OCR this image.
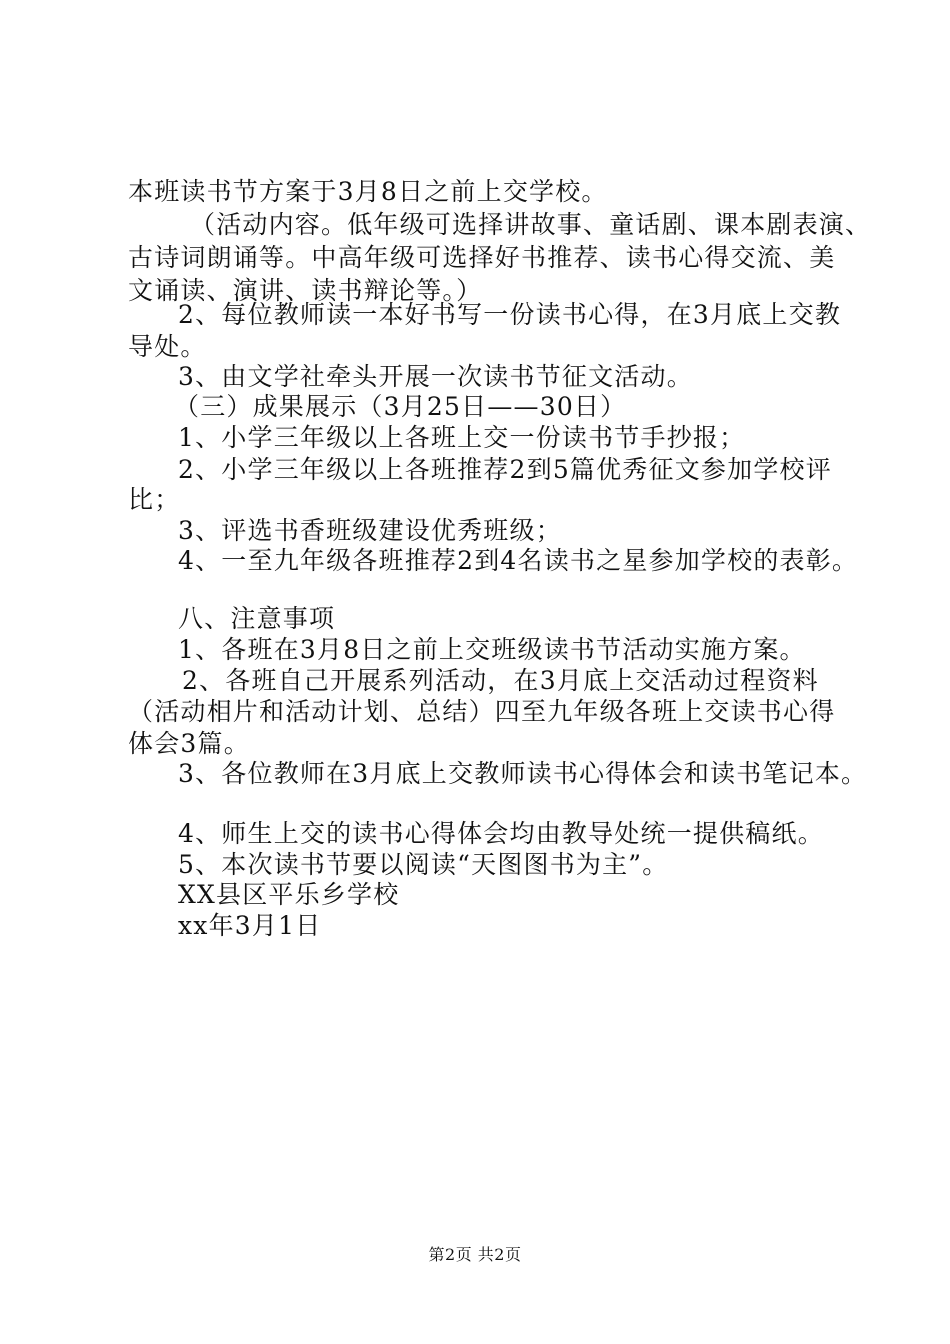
本班读书节方案于3月8日之前上交学校。
（活动内容。低年级可选择讲故事、童话剧、课本剧表演、
古诗词朗诵等。中高年级可选择好书推荐、读书心得交流、美
文诵读、演讲、读书辩论等。）
2、每位教师读一本好书写一份读书心得，在3月底上交教
导处。
3、由文学社牵头开展一次读书节征文活动。
（三）成果展示（3月25日——30日）
1、小学三年级以上各班上交一份读书节手抄报；
2、小学三年级以上各班推荐2到5篇优秀征文参加学校评
比；
3、评选书香班级建设优秀班级；
4、一至九年级各班推荐2到4名读书之星参加学校的表彰。
八、注意事项
1、各班在3月8日之前上交班级读书节活动实施方案。
2、各班自己开展系列活动，在3月底上交活动过程资料
（活动相片和活动计划、总结）四至九年级各班上交读书心得
体会3篇。
3、各位教师在3月底上交教师读书心得体会和读书笔记本。
4、师生上交的读书心得体会均由教导处统一提供稿纸。
5、本次读书节要以阅读“天图图书为主”。
XX县区平乐乡学校
xx年3月1日
第2页 共2页
